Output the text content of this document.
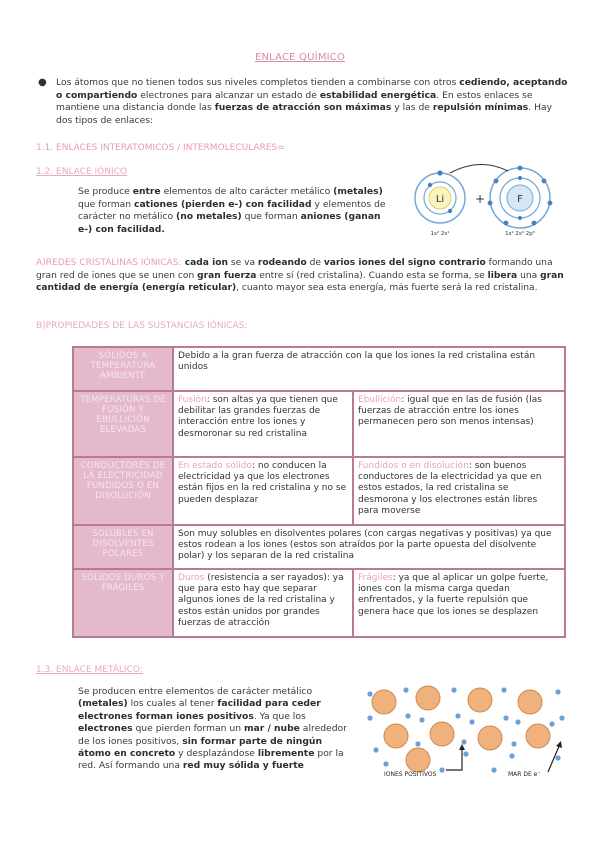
ENLACE QUÍMICO
● Los átomos que no tienen todos sus niveles completos tienden a combinarse con otros cediendo, aceptando o compartiendo electrones para alcanzar un estado de estabilidad energética. En estos enlaces se mantiene una distancia donde las fuerzas de atracción son máximas y las de repulsión mínimas. Hay dos tipos de enlaces:
1.1. ENLACES INTERATOMICOS / INTERMOLECULARES=
1.2. ENLACE IÓNICO
Se produce entre elementos de alto carácter metálico (metales) que forman cationes (pierden e-) con facilidad y elementos de carácter no metálico (no metales) que forman aniones (ganan e-) con facilidad.
Li	+	F
1s² 2s¹	1s² 2s² 2p⁵
A)REDES CRISTALINAS IÓNICAS: cada ion se va rodeando de varios iones del signo contrario formando una gran red de iones que se unen con gran fuerza entre sí (red cristalina). Cuando esta se forma, se libera una gran cantidad de energía (energía reticular), cuanto mayor sea esta energía, más fuerte será la red cristalina.
B)PROPIEDADES DE LAS SUSTANCIAS IÓNICAS:
SÓLIDOS A TEMPERATURA AMBIENTE	Debido a la gran fuerza de atracción con la que los iones la red cristalina están unidos	
TEMPERATURAS DE FUSIÓN Y EBULLICIÓN ELEVADAS	Fusión: son altas ya que tienen que debilitar las grandes fuerzas de interacción entre los iones y desmoronar su red cristalina	Ebullición: igual que en las de fusión (las fuerzas de atracción entre los iones permanecen pero son menos intensas)
CONDUCTORES DE LA ELECTRICIDAD FUNDIDOS O EN DISOLUCIÓN	En estado sólido: no conducen la electricidad ya que los electrones están fijos en la red cristalina y no se pueden desplazar	Fundidos o en disolución: son buenos conductores de la electricidad ya que en estos estados, la red cristalina se desmorona y los electrones están libres para moverse
SOLUBLES EN DISOLVENTES POLARES	Son muy solubles en disolventes polares (con cargas negativas y positivas) ya que estos rodean a los iones (estos son atraídos por la parte opuesta del disolvente polar) y los separan de la red cristalina	
SÓLIDOS DUROS Y FRÁGILES	Duros (resistencia a ser rayados): ya que para esto hay que separar algunos iones de la red cristalina y estos están unidos por grandes fuerzas de atracción	Frágiles: ya que al aplicar un golpe fuerte, iones con la misma carga quedan enfrentados, y la fuerte repulsión que genera hace que los iones se desplazen
1.3. ENLACE METÁLICO:
Se producen entre elementos de carácter metálico (metales) los cuales al tener facilidad para ceder electrones forman iones positivos. Ya que los electrones que pierden forman un mar / nube alrededor de los iones positivos, sin formar parte de ningún átomo en concreto y desplazándose libremente por la red. Así formando una red muy sólida y fuerte
IONES POSITIVOS	MAR DE e⁻
